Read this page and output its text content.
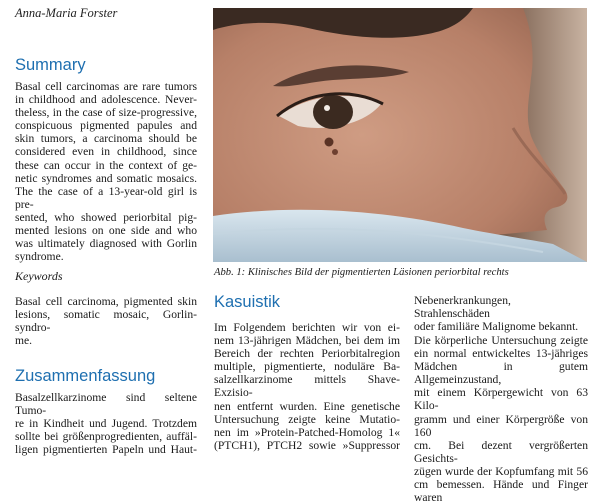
Anna-Maria Forster
Summary
Basal cell carcinomas are rare tumors
in childhood and adolescence. Never-
theless, in the case of size-progressive,
conspicuous pigmented papules and
skin tumors, a carcinoma should be
considered even in childhood, since
these can occur in the context of ge-
netic syndromes and somatic mosaics.
The the case of a 13-year-old girl is pre-
sented, who showed periorbital pig-
mented lesions on one side and who
was ultimately diagnosed with Gorlin
syndrome.
Keywords
Basal cell carcinoma, pigmented skin
lesions, somatic mosaic, Gorlin-syndro-
me.
Zusammenfassung
Basalzellkarzinome sind seltene Tumo-
re in Kindheit und Jugend. Trotzdem
sollte bei größenprogredienten, auffäl-
ligen pigmentierten Papeln und Haut-
Abb. 1: Klinisches Bild der pigmentierten Läsionen periorbital rechts
Kasuistik
Im Folgendem berichten wir von ei-
nem 13-jährigen Mädchen, bei dem im
Bereich der rechten Periorbitalregion
multiple, pigmentierte, noduläre Ba-
salzellkarzinome mittels Shave-Exzisio-
nen entfernt wurden. Eine genetische
Untersuchung zeigte keine Mutatio-
nen im »Protein-Patched-Homolog 1«
(PTCH1), PTCH2 sowie »Suppressor
Nebenerkrankungen, Strahlenschäden
oder familiäre Malignome bekannt.
Die körperliche Untersuchung zeigte
ein normal entwickeltes 13-jähriges
Mädchen in gutem Allgemeinzustand,
mit einem Körpergewicht von 63 Kilo-
gramm und einer Körpergröße von 160
cm. Bei dezent vergrößerten Gesichts-
zügen wurde der Kopfumfang mit 56
cm bemessen. Hände und Finger waren
